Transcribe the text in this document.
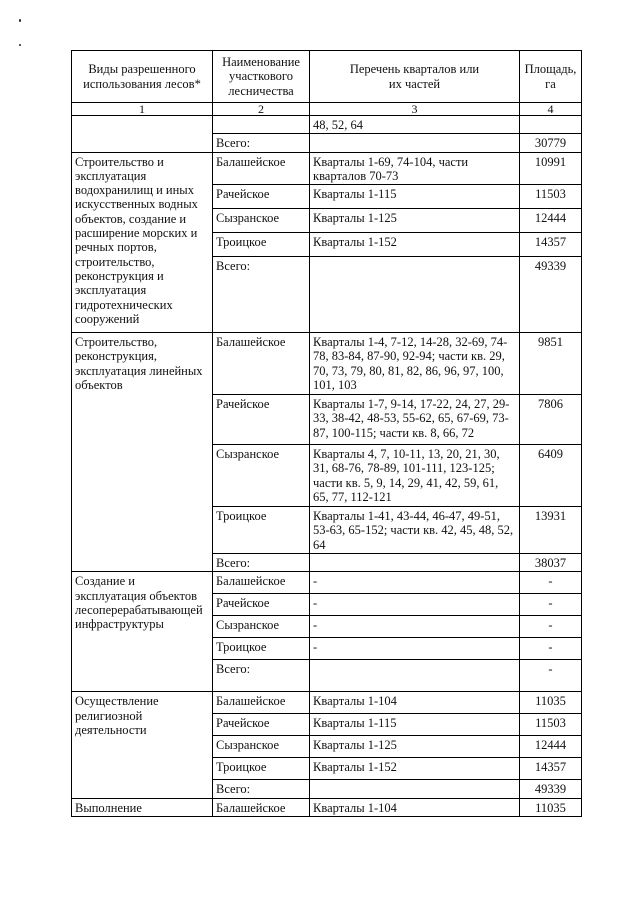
Виды разрешенного использования лесов*	Наименование участкового лесничества	Перечень кварталов или
их частей	Площадь, га
1	2	3	4
		48, 52, 64	
	Всего:		30779
Строительство и эксплуатация водохранилищ и иных искусственных водных объектов, создание и расширение морских и речных портов, строительство, реконструкция и эксплуатация гидротехнических сооружений	Балашейское	Кварталы 1-69, 74-104, части кварталов 70-73	10991
	Рачейское	Кварталы 1-115	11503
	Сызранское	Кварталы 1-125	12444
	Троицкое	Кварталы 1-152	14357
	Всего:		49339
Строительство, реконструкция, эксплуатация линейных объектов	Балашейское	Кварталы 1-4, 7-12, 14-28, 32-69, 74-78, 83-84, 87-90, 92-94; части кв. 29, 70, 73, 79, 80, 81, 82, 86, 96, 97, 100, 101, 103	9851
	Рачейское	Кварталы 1-7, 9-14, 17-22, 24, 27, 29-33, 38-42, 48-53, 55-62, 65, 67-69, 73-87, 100-115; части кв. 8, 66, 72	7806
	Сызранское	Кварталы 4, 7, 10-11, 13, 20, 21, 30, 31, 68-76, 78-89, 101-111, 123-125; части кв. 5, 9, 14, 29, 41, 42, 59, 61, 65, 77, 112-121	6409
	Троицкое	Кварталы 1-41, 43-44, 46-47, 49-51, 53-63, 65-152; части кв. 42, 45, 48, 52, 64	13931
	Всего:		38037
Создание и эксплуатация объектов лесоперерабатывающей инфраструктуры	Балашейское	-	-
	Рачейское	-	-
	Сызранское	-	-
	Троицкое	-	-
	Всего:		-
Осуществление религиозной деятельности	Балашейское	Кварталы 1-104	11035
	Рачейское	Кварталы 1-115	11503
	Сызранское	Кварталы 1-125	12444
	Троицкое	Кварталы 1-152	14357
	Всего:		49339
Выполнение	Балашейское	Кварталы 1-104	11035
